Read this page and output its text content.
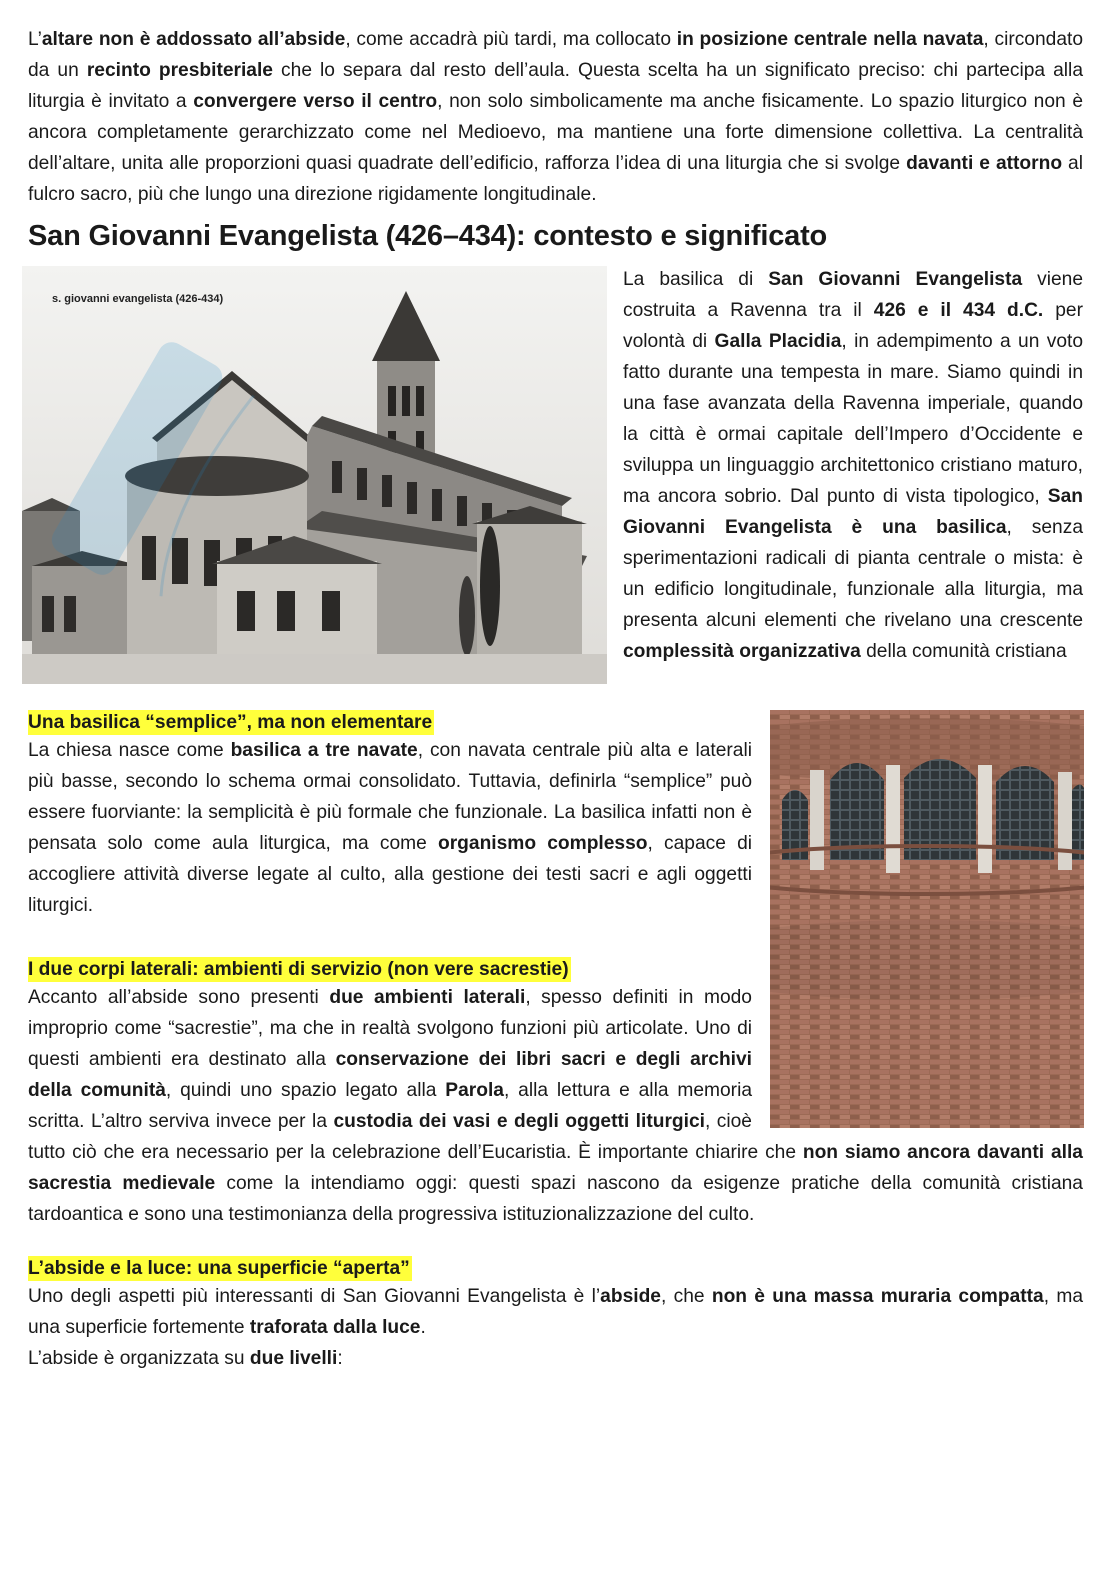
L’altare non è addossato all’abside, come accadrà più tardi, ma collocato in posizione centrale nella navata, circondato da un recinto presbiteriale che lo separa dal resto dell’aula. Questa scelta ha un significato preciso: chi partecipa alla liturgia è invitato a convergere verso il centro, non solo simbolicamente ma anche fisicamente. Lo spazio liturgico non è ancora completamente gerarchizzato come nel Medioevo, ma mantiene una forte dimensione collettiva. La centralità dell’altare, unita alle proporzioni quasi quadrate dell’edificio, rafforza l’idea di una liturgia che si svolge davanti e attorno al fulcro sacro, più che lungo una direzione rigidamente longitudinale.

San Giovanni Evangelista (426–434): contesto e significato
s. giovanni evangelista (426-434)

La basilica di San Giovanni Evangelista viene costruita a Ravenna tra il 426 e il 434 d.C. per volontà di Galla Placidia, in adempimento a un voto fatto durante una tempesta in mare. Siamo quindi in una fase avanzata della Ravenna imperiale, quando la città è ormai capitale dell’Impero d’Occidente e sviluppa un linguaggio architettonico cristiano maturo, ma ancora sobrio. Dal punto di vista tipologico, San Giovanni Evangelista è una basilica, senza sperimentazioni radicali di pianta centrale o mista: è un edificio longitudinale, funzionale alla liturgia, ma presenta alcuni elementi che rivelano una crescente complessità organizzativa della comunità cristiana

Una basilica “semplice”, ma non elementare

La chiesa nasce come basilica a tre navate, con navata centrale più alta e laterali più basse, secondo lo schema ormai consolidato. Tuttavia, definirla “semplice” può essere fuorviante: la semplicità è più formale che funzionale. La basilica infatti non è pensata solo come aula liturgica, ma come organismo complesso, capace di accogliere attività diverse legate al culto, alla gestione dei testi sacri e agli oggetti liturgici.

I due corpi laterali: ambienti di servizio (non vere sacrestie)

Accanto all’abside sono presenti due ambienti laterali, spesso definiti in modo improprio come “sacrestie”, ma che in realtà svolgono funzioni più articolate. Uno di questi ambienti era destinato alla conservazione dei libri sacri e degli archivi della comunità, quindi uno spazio legato alla Parola, alla lettura e alla memoria scritta. L’altro serviva invece per la custodia dei vasi e degli oggetti liturgici, cioè tutto ciò che era necessario per la celebrazione dell’Eucaristia. È importante chiarire che non siamo ancora davanti alla sacrestia medievale come la intendiamo oggi: questi spazi nascono da esigenze pratiche della comunità cristiana tardoantica e sono una testimonianza della progressiva istituzionalizzazione del culto.

L’abside e la luce: una superficie “aperta”

Uno degli aspetti più interessanti di San Giovanni Evangelista è l’abside, che non è una massa muraria compatta, ma una superficie fortemente traforata dalla luce.

L’abside è organizzata su due livelli:
